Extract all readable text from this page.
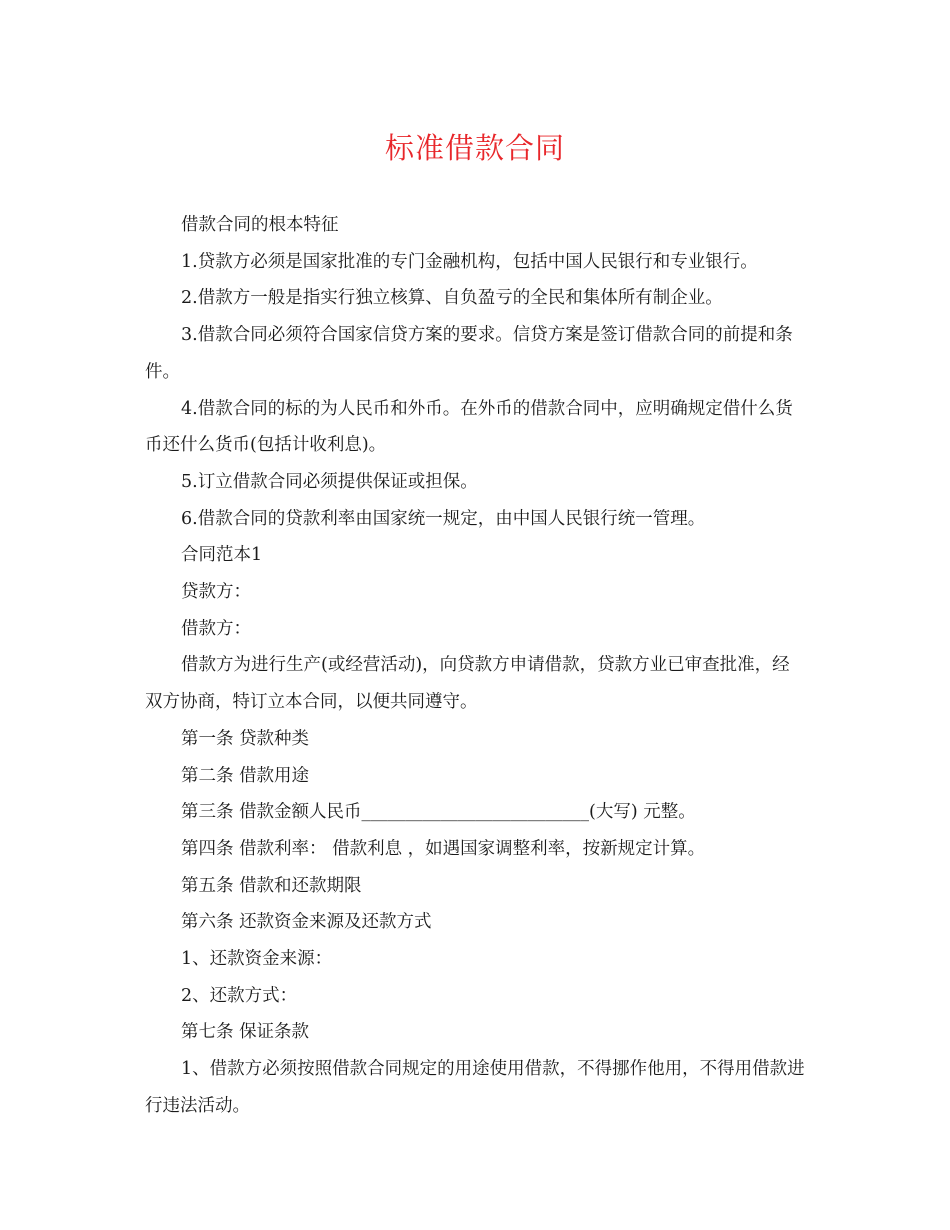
标准借款合同

借款合同的根本特征

1.贷款方必须是国家批准的专门金融机构，包括中国人民银行和专业银行。

2.借款方一般是指实行独立核算、自负盈亏的全民和集体所有制企业。

3.借款合同必须符合国家信贷方案的要求。信贷方案是签订借款合同的前提和条件。

4.借款合同的标的为人民币和外币。在外币的借款合同中，应明确规定借什么货币还什么货币(包括计收利息)。

5.订立借款合同必须提供保证或担保。

6.借款合同的贷款利率由国家统一规定，由中国人民银行统一管理。

合同范本1

贷款方：

借款方：

借款方为进行生产(或经营活动)，向贷款方申请借款，贷款方业已审查批准，经双方协商，特订立本合同，以便共同遵守。

第一条 贷款种类

第二条 借款用途

第三条 借款金额人民币__________________________(大写) 元整。

第四条 借款利率： 借款利息 ，如遇国家调整利率，按新规定计算。

第五条 借款和还款期限

第六条 还款资金来源及还款方式

1、还款资金来源：

2、还款方式：

第七条 保证条款

1、借款方必须按照借款合同规定的用途使用借款，不得挪作他用，不得用借款进行违法活动。
